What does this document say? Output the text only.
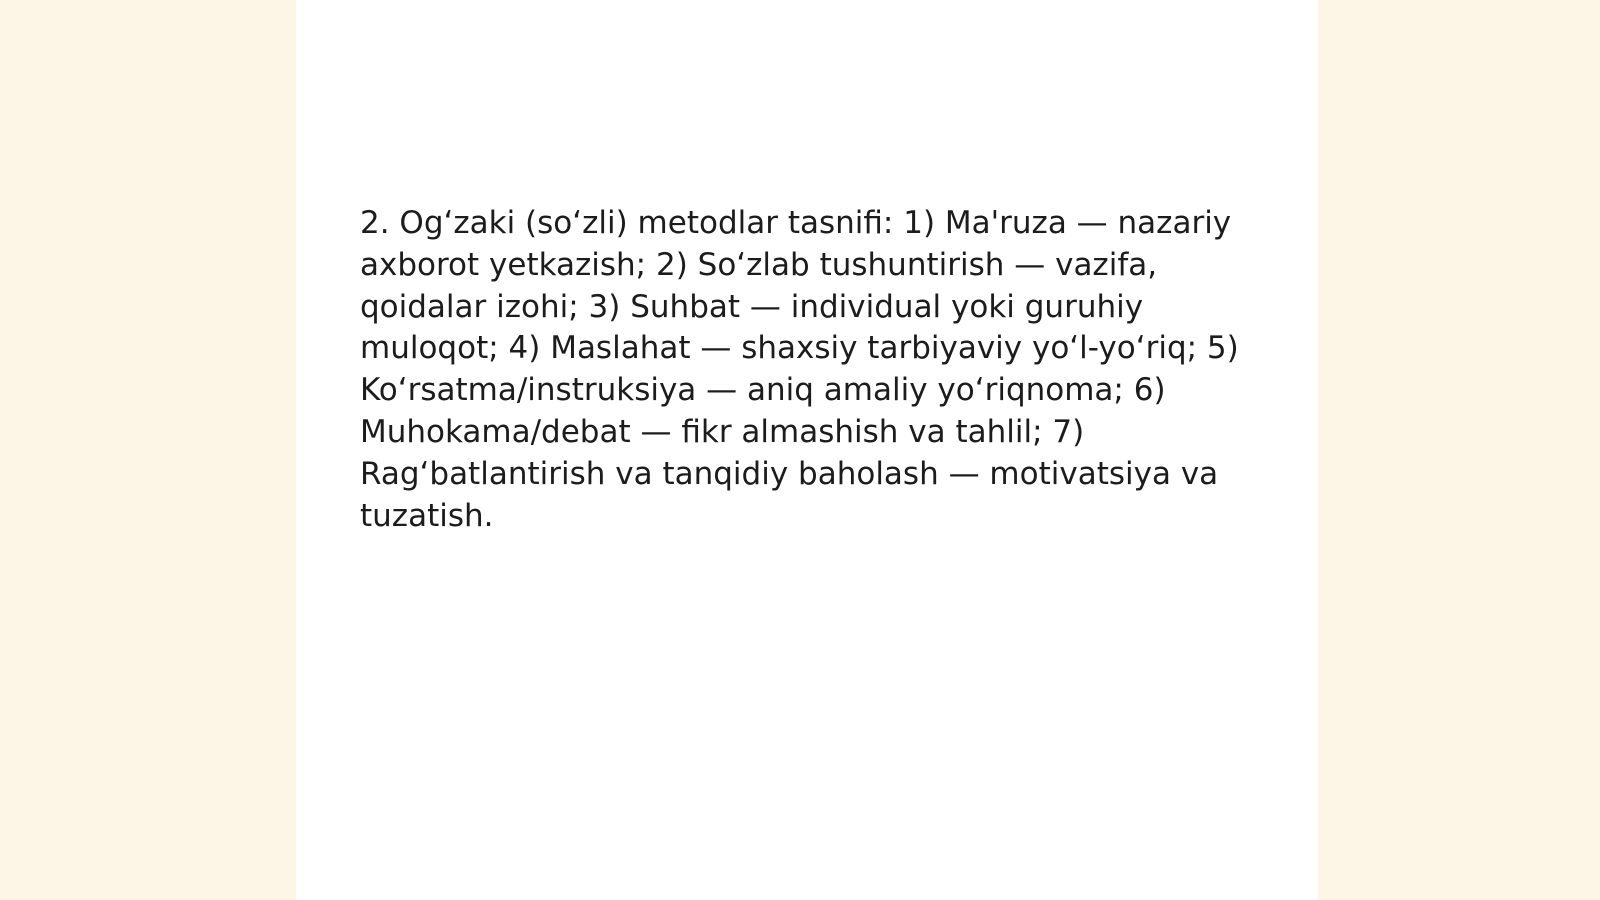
2. Og‘zaki (so‘zli) metodlar tasnifi: 1) Ma'ruza — nazariy axborot yetkazish; 2) So‘zlab tushuntirish — vazifa, qoidalar izohi; 3) Suhbat — individual yoki guruhiy muloqot; 4) Maslahat — shaxsiy tarbiyaviy yo‘l-yo‘riq; 5) Ko‘rsatma/instruksiya — aniq amaliy yo‘riqnoma; 6) Muhokama/debat — fikr almashish va tahlil; 7) Rag‘batlantirish va tanqidiy baholash — motivatsiya va tuzatish.
